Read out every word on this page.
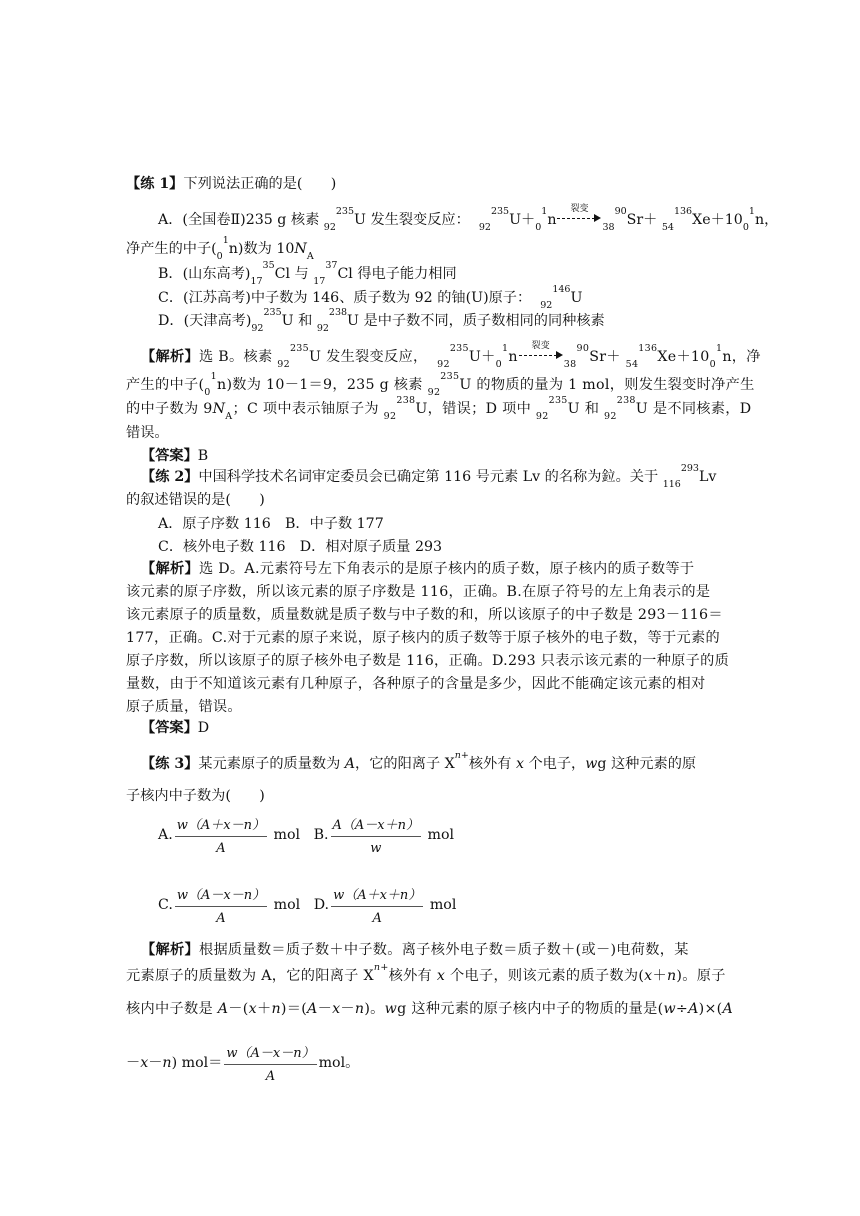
【练 1】下列说法正确的是(　　)
A．(全国卷Ⅱ)235 g 核素 $_{92}^{235}$U 发生裂变反应： $_{92}^{235}U+_0^1n$
裂变
$_{38}^{90}Sr+ _{54}^{136}Xe+10_0^1n$，
净产生的中子$(_0^1n)$数为 $10N_A$
B．(山东高考)$_{17}^{35}Cl$ 与 $_{17}^{37}$Cl 得电子能力相同
C．(江苏高考)中子数为 146、质子数为 92 的铀(U)原子： $_{92}^{146}$U
D．(天津高考)$_{92}^{235}U$ 和 $_{92}^{238}$U 是中子数不同，质子数相同的同种核素
【解析】选 B。核素 $_{92}^{235}$U 发生裂变反应， $_{92}^{235}U+_0^1n$
裂变
$_{38}^{90}Sr+ _{54}^{136}Xe+10_0^1n$，净
产生的中子$(_0^1n)$数为 10－1＝9，235 g 核素 $_{92}^{235}$U 的物质的量为 1 mol，则发生裂变时净产生
的中子数为 $9N_A$；C 项中表示铀原子为 $_{92}^{238}$U，错误；D 项中 $_{92}^{235}$U 和 $_{92}^{238}$U 是不同核素，D
错误。
【答案】B
【练 2】中国科学技术名词审定委员会已确定第 116 号元素 Lv 的名称为鉝。关于 $_{116}^{293}$Lv
的叙述错误的是(　　)
A．原子序数 116　B．中子数 177
C．核外电子数 116　D．相对原子质量 293
【解析】选 D。A.元素符号左下角表示的是原子核内的质子数，原子核内的质子数等于
该元素的原子序数，所以该元素的原子序数是 116，正确。B.在原子符号的左上角表示的是
该元素原子的质量数，质量数就是质子数与中子数的和，所以该原子的中子数是 293－116＝
177，正确。C.对于元素的原子来说，原子核内的质子数等于原子核外的电子数，等于元素的
原子序数，所以该原子的原子核外电子数是 116，正确。D.293 只表示该元素的一种原子的质
量数，由于不知道该元素有几种原子，各种原子的含量是多少，因此不能确定该元素的相对
原子质量，错误。
【答案】D
【练 3】某元素原子的质量数为 A，它的阳离子 $X^{n+}$核外有 x 个电子，wg 这种元素的原
子核内中子数为(　　)
A. $\frac{w(A+x-n)}{A}$ mol B. $\frac{A(A-x+n)}{w}$ mol
C. $\frac{w(A-x-n)}{A}$ mol D. $\frac{w(A+x+n)}{A}$ mol
【解析】根据质量数＝质子数＋中子数。离子核外电子数＝质子数＋(或－)电荷数，某
元素原子的质量数为 A，它的阳离子 $X^{n+}$核外有 x 个电子，则该元素的质子数为(x＋n)。原子
核内中子数是 A－(x＋n)＝(A－x－n)。wg 这种元素的原子核内中子的物质的量是(w÷A)×(A
－x－n) $mol= \frac{w(A-x-n)}{A}$ mol。
